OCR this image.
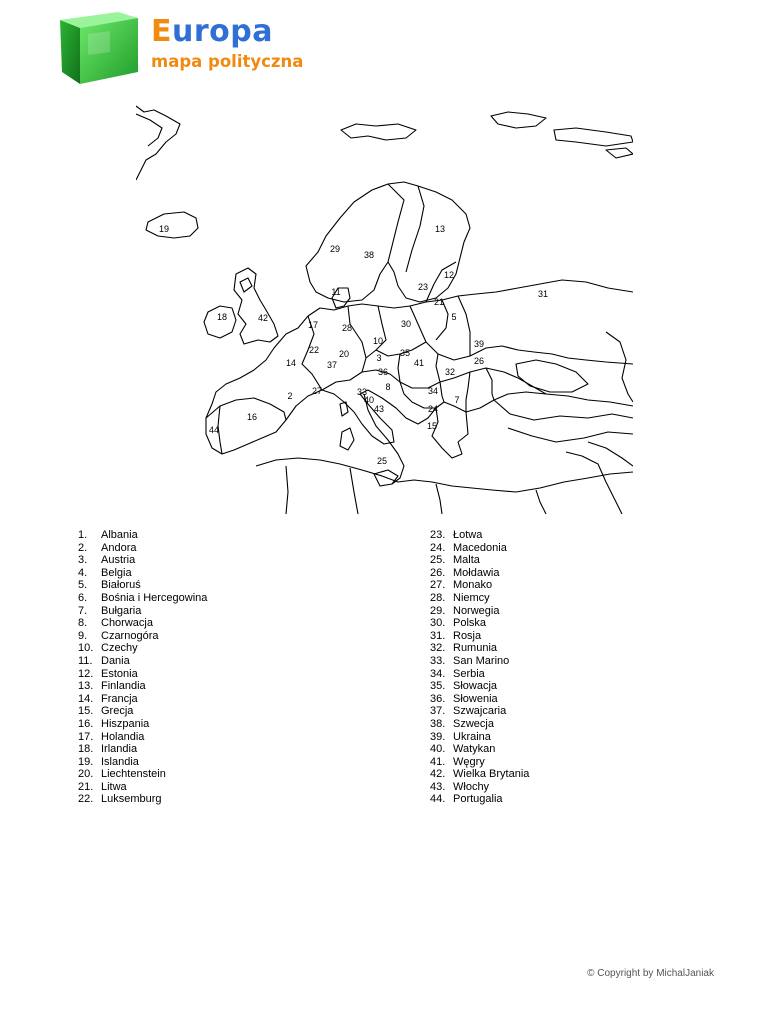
Europa
mapa polityczna
19	13
29
38
12
23
11
21
31
5
18	42
17	28	30
22
10	39
14
20	35
41
3	26
37
36	32
2 27	8	34
33
40
43
7
16
24
44	15
25
1. Albania
2. Andora
3. Austria
4. Belgia
5. Białoruś
6. Bośnia i Hercegowina
7. Bułgaria
8. Chorwacja
9. Czarnogóra
10. Czechy
11. Dania
12. Estonia
13. Finlandia
14. Francja
15. Grecja
16. Hiszpania
17. Holandia
18. Irlandia
19. Islandia
20. Liechtenstein
21. Litwa
22. Luksemburg
23. Łotwa
24. Macedonia
25. Malta
26. Mołdawia
27. Monako
28. Niemcy
29. Norwegia
30. Polska
31. Rosja
32. Rumunia
33. San Marino
34. Serbia
35. Słowacja
36. Słowenia
37. Szwajcaria
38. Szwecja
39. Ukraina
40. Watykan
41. Węgry
42. Wielka Brytania
43. Włochy
44. Portugalia
© Copyright by MichalJaniak
